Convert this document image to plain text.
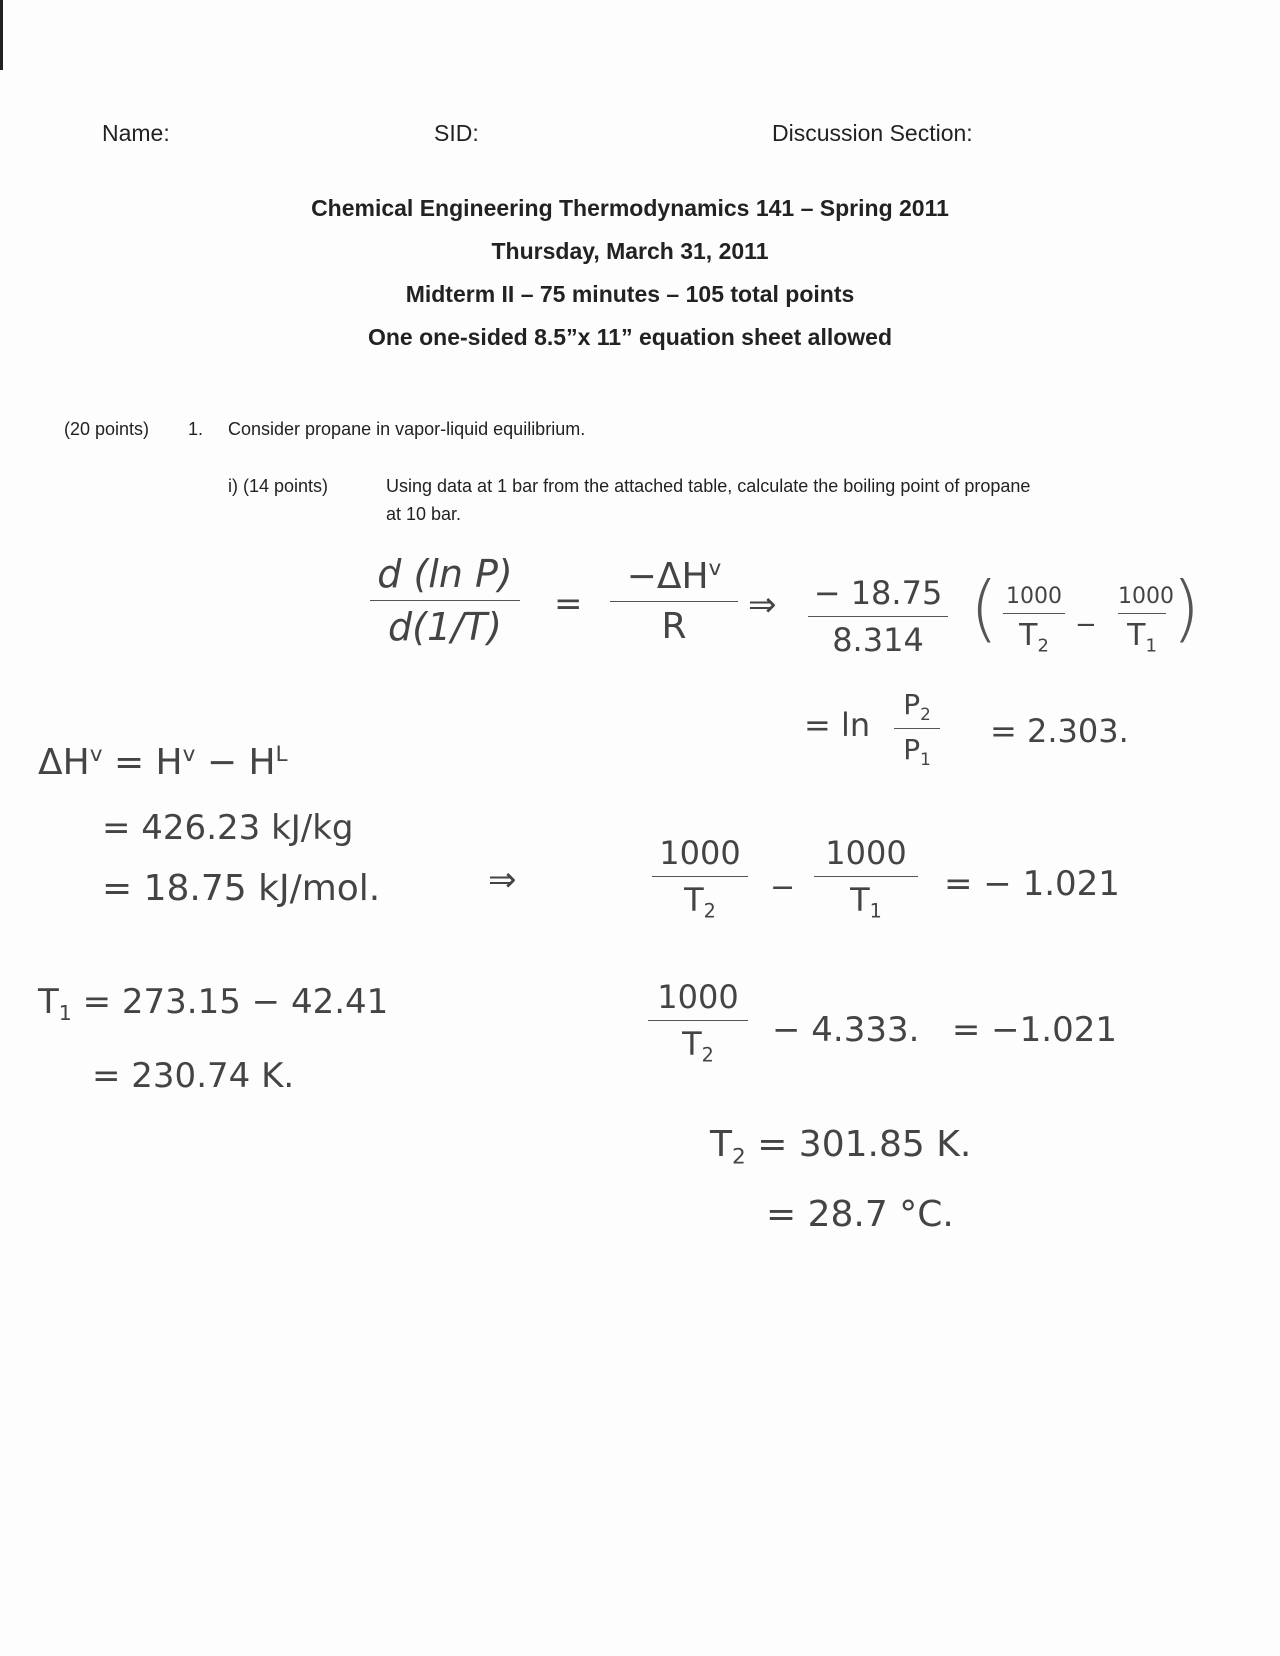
Name:	SID:	Discussion Section:
Chemical Engineering Thermodynamics 141 – Spring 2011
Thursday, March 31, 2011
Midterm II – 75 minutes – 105 total points
One one-sided 8.5”x 11” equation sheet allowed
(20 points) 1. Consider propane in vapor-liquid equilibrium.
i) (14 points)	Using data at 1 bar from the attached table, calculate the boiling point of propane
at 10 bar.
d (ln P)
d(1/T)
=
$-\Delta H^v$
R
⇒ − 18.75
8.314 ( 1000
$T_2$
−
1000
$T_1$ )
= ln
$P_2$
$P_1$
= 2.303.
$\Delta H^v = H^v - H^L$
= 426.23 kJ/kg
= 18.75 kJ/mol.	⇒
1000
$T_2$
−
1000
$T_1$
= − 1.021
$T_1 = 273.15 - 42.41$
= 230.74 K.
1000
$T_2$
− 4.333.   = −1.021
$T_2 = 301.85$ K.
= 28.7 °C.
